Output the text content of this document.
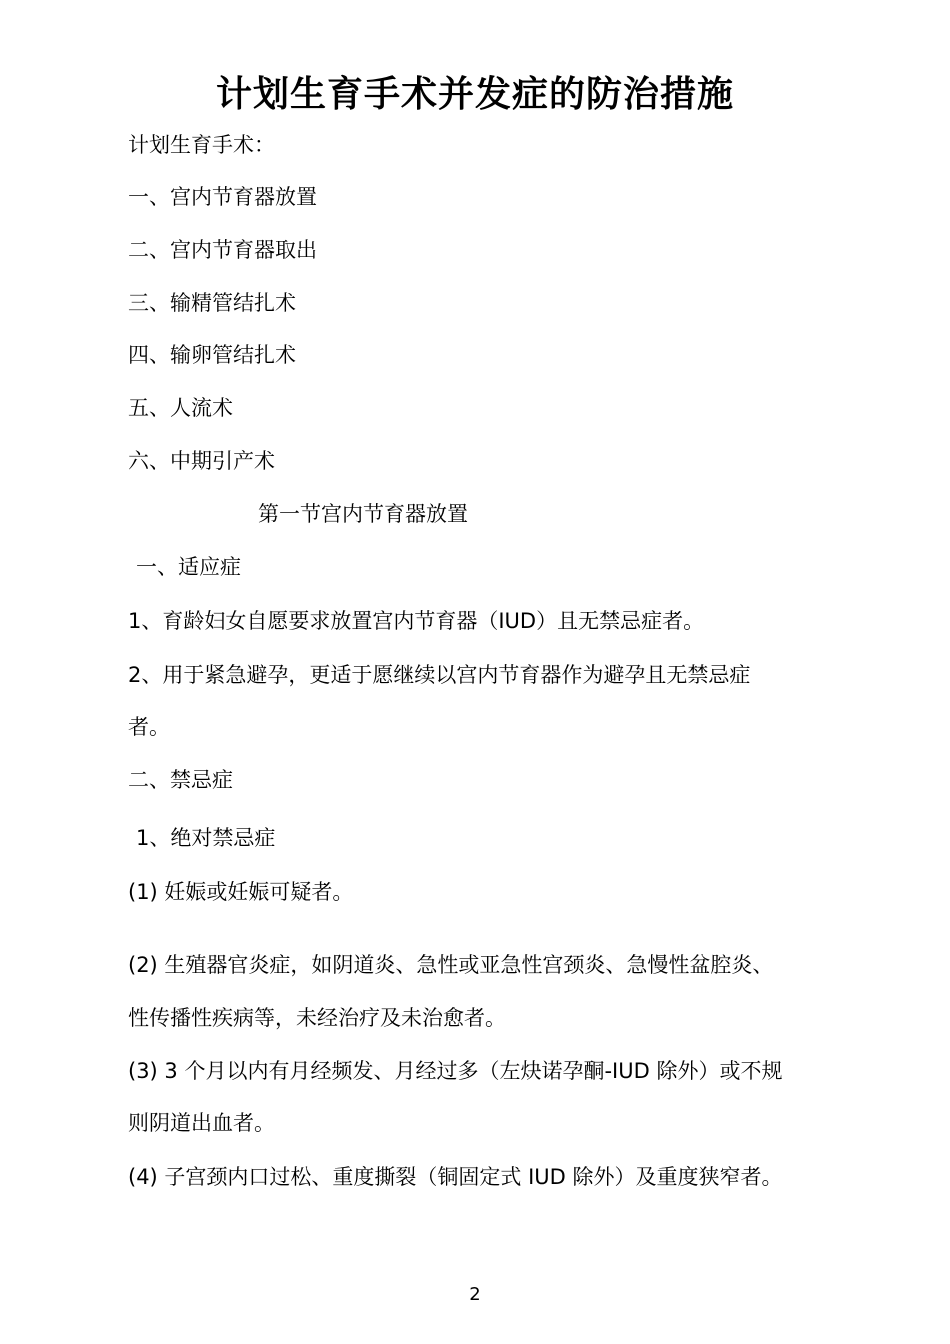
计划生育手术并发症的防治措施
计划生育手术：
一、宫内节育器放置
二、宫内节育器取出
三、输精管结扎术
四、输卵管结扎术
五、人流术
六、中期引产术
第一节宫内节育器放置
一、适应症
1、育龄妇女自愿要求放置宫内节育器（IUD）且无禁忌症者。
2、用于紧急避孕，更适于愿继续以宫内节育器作为避孕且无禁忌症
者。
二、禁忌症
1、绝对禁忌症
(1) 妊娠或妊娠可疑者。
(2) 生殖器官炎症，如阴道炎、急性或亚急性宫颈炎、急慢性盆腔炎、
性传播性疾病等，未经治疗及未治愈者。
(3) 3 个月以内有月经频发、月经过多（左炔诺孕酮-IUD 除外）或不规
则阴道出血者。
(4) 子宫颈内口过松、重度撕裂（铜固定式 IUD 除外）及重度狭窄者。
2
